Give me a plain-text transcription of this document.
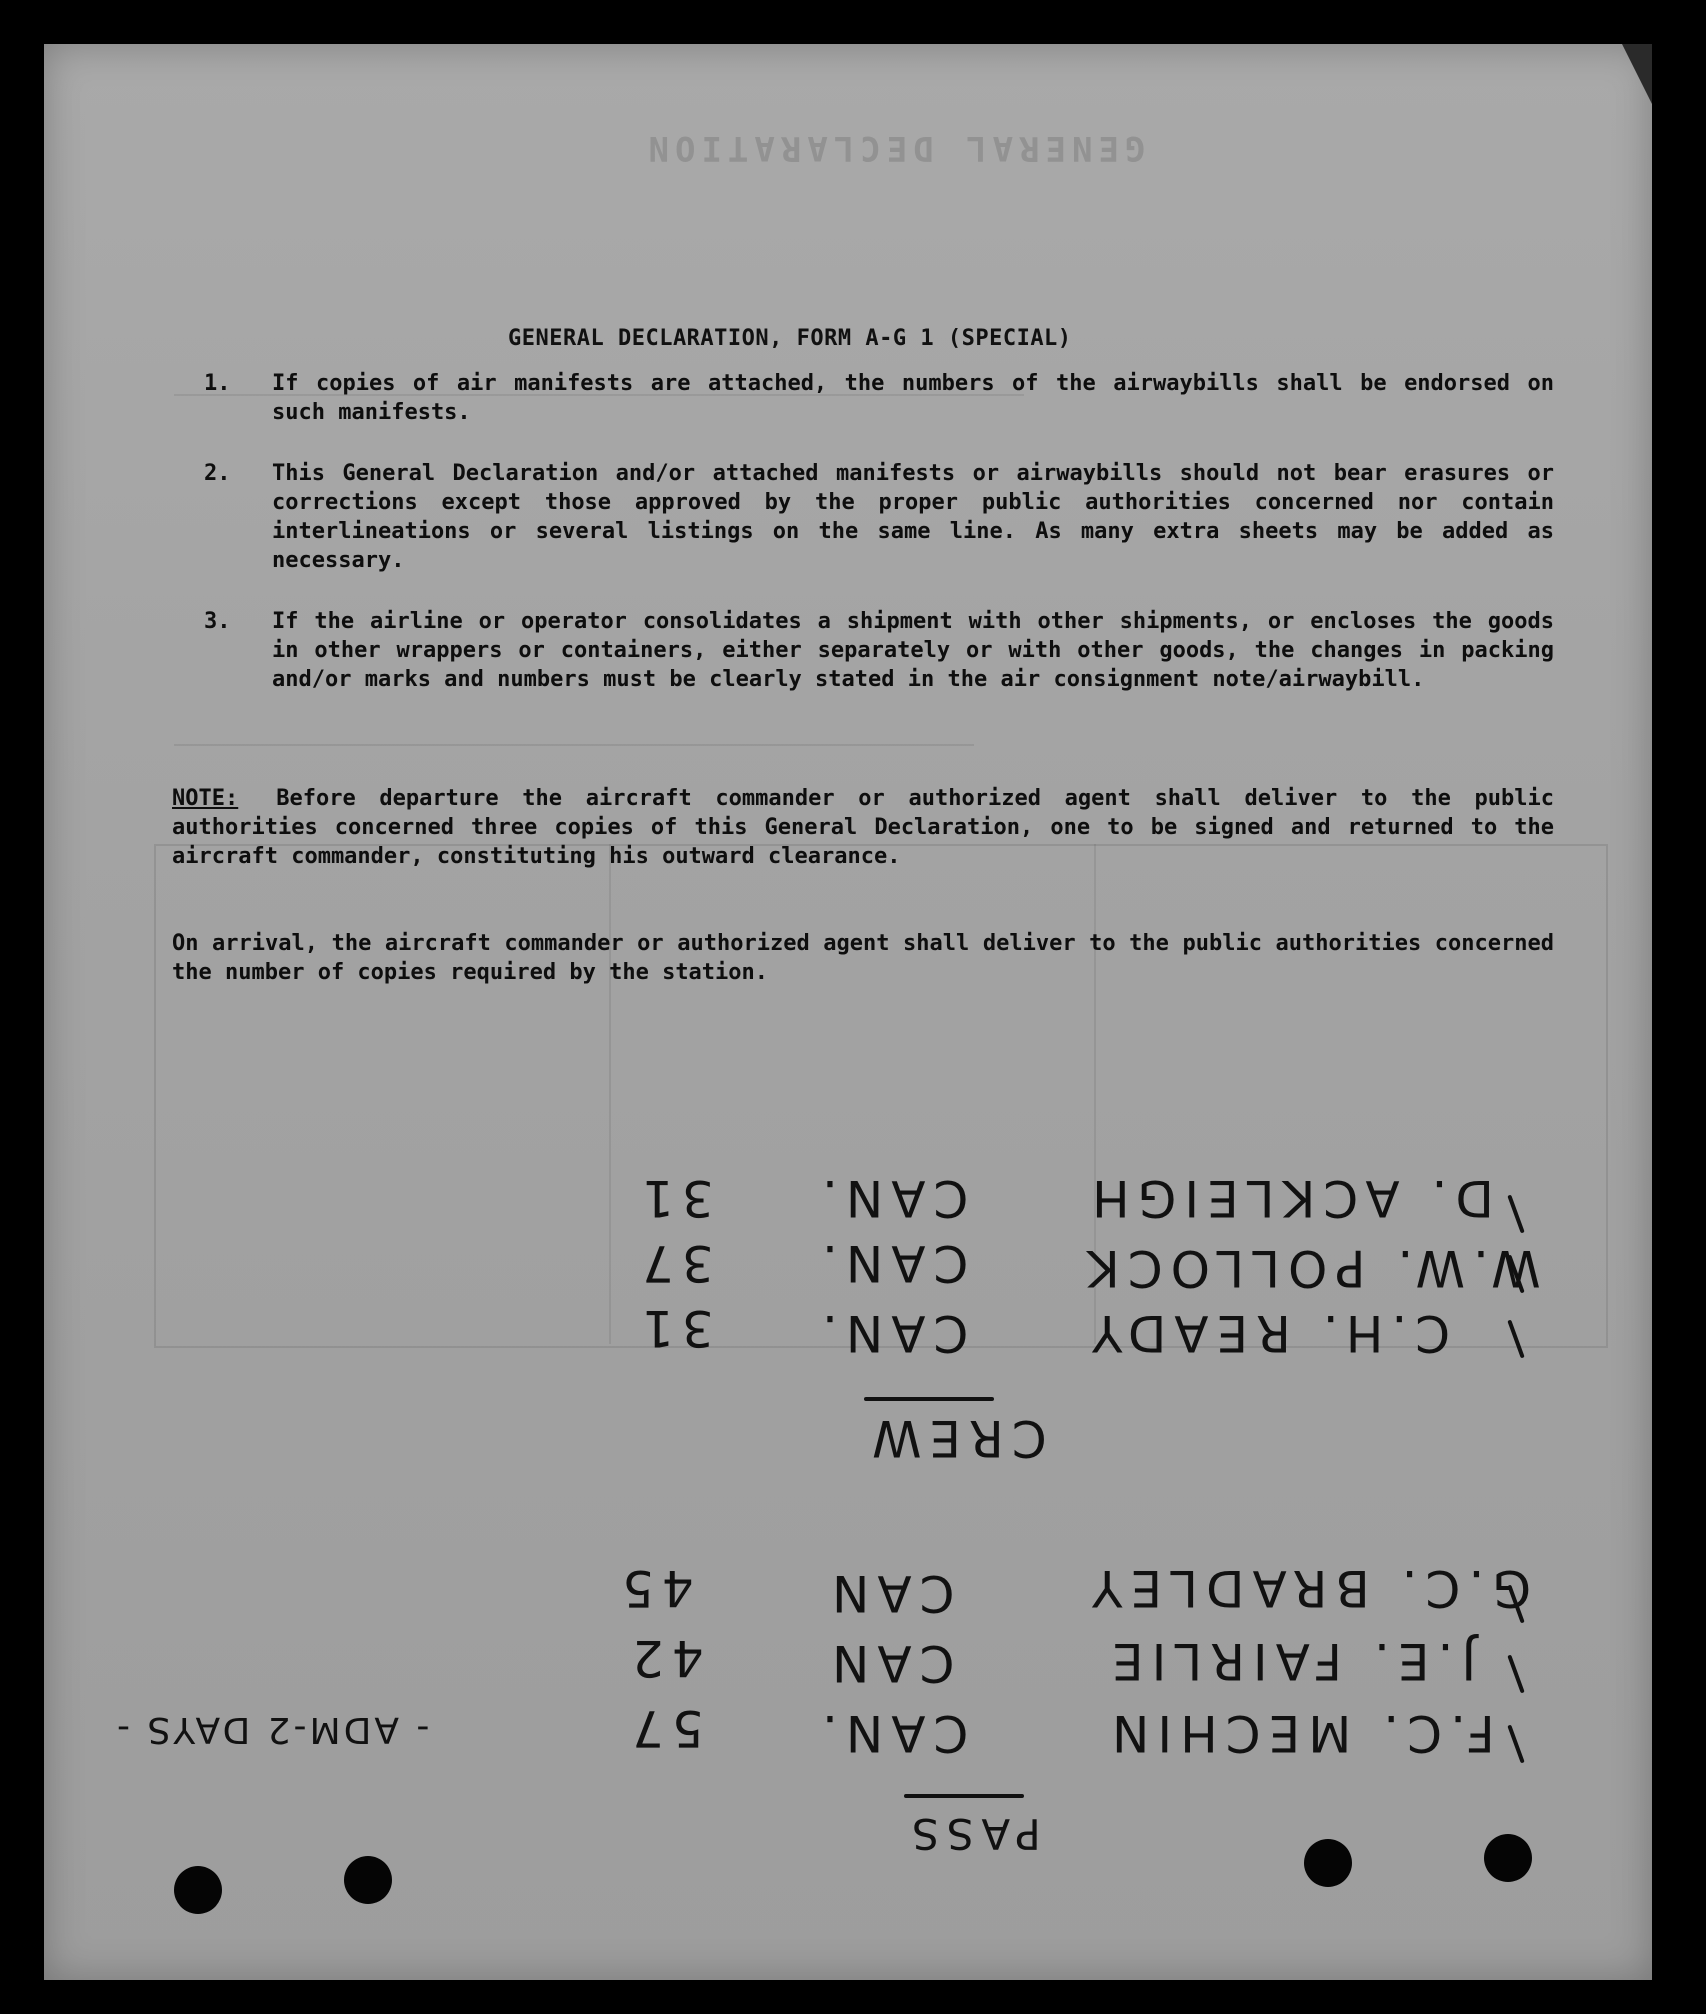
GENERAL DECLARATION
GENERAL DECLARATION, FORM A-G 1 (SPECIAL)
1. If copies of air manifests are attached, the numbers of the airwaybills shall be endorsed on such manifests.
2. This General Declaration and/or attached manifests or airwaybills should not bear erasures or corrections except those approved by the proper public authorities concerned nor contain interlineations or several listings on the same line. As many extra sheets may be added as necessary.
3. If the airline or operator consolidates a shipment with other shipments, or encloses the goods in other wrappers or containers, either separately or with other goods, the changes in packing and/or marks and numbers must be clearly stated in the air consignment note/airwaybill.
NOTE: Before departure the aircraft commander or authorized agent shall deliver to the public authorities concerned three copies of this General Declaration, one to be signed and returned to the aircraft commander, constituting his outward clearance.
On arrival, the aircraft commander or authorized agent shall deliver to the public authorities concerned the number of copies required by the station.
D. ACKLEIGH
CAN.
31
W.W. POLLOCK
CAN.
37
C.H. READY
CAN.
31
CREW
G.C. BRADLEY
CAN
45
J.E. FAIRLIE
CAN
42
F.C. MECHIN
CAN.
57
- ADM-2 DAYS -
PASS
